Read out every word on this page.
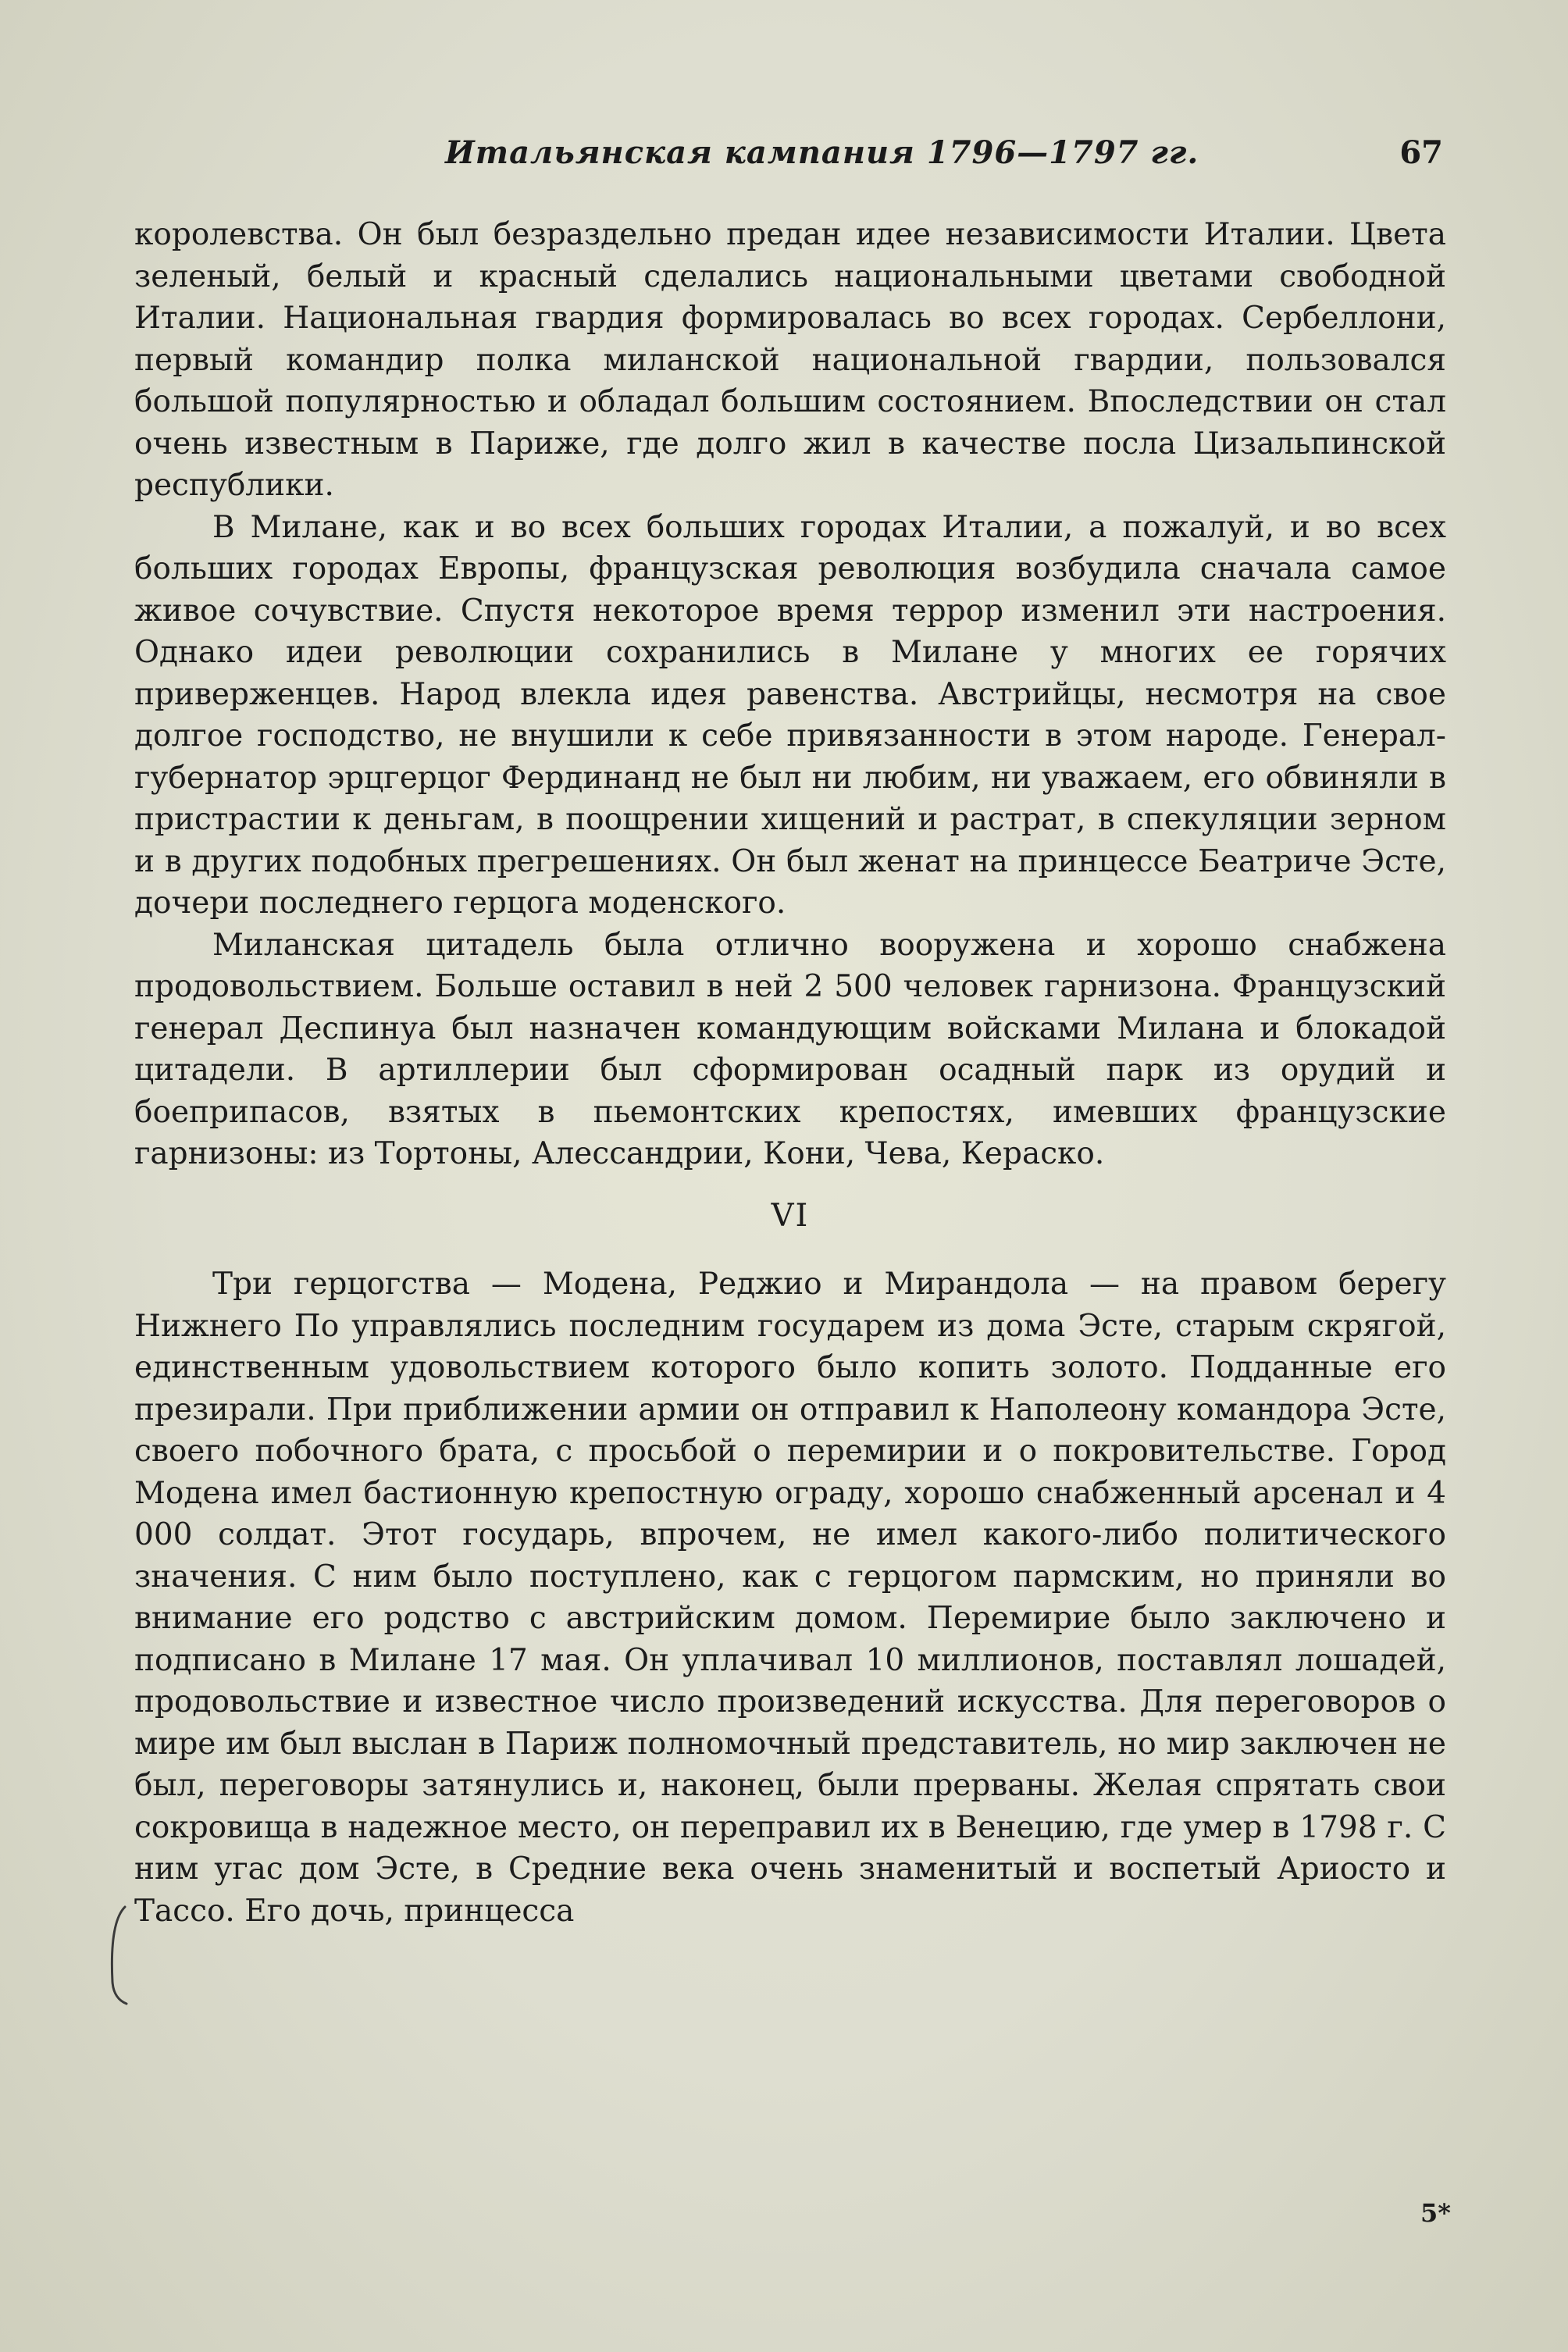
Итальянская кампания 1796—1797 гг.	67

королевства. Он был безраздельно предан идее независимости Италии. Цвета зеленый, белый и красный сделались национальными цветами свободной Италии. Национальная гвардия формировалась во всех городах. Сербеллони, первый командир полка миланской национальной гвардии, пользовался большой популярностью и обладал большим состоянием. Впоследствии он стал очень известным в Париже, где долго жил в качестве посла Цизальпинской республики.

В Милане, как и во всех больших городах Италии, а пожалуй, и во всех больших городах Европы, французская революция возбудила сначала самое живое сочувствие. Спустя некоторое время террор изменил эти настроения. Однако идеи революции сохранились в Милане у многих ее горячих приверженцев. Народ влекла идея равенства. Австрийцы, несмотря на свое долгое господство, не внушили к себе привязанности в этом народе. Генерал-губернатор эрцгерцог Фердинанд не был ни любим, ни уважаем, его обвиняли в пристрастии к деньгам, в поощрении хищений и растрат, в спекуляции зерном и в других подобных прегрешениях. Он был женат на принцессе Беатриче Эсте, дочери последнего герцога моденского.

Миланская цитадель была отлично вооружена и хорошо снабжена продовольствием. Больше оставил в ней 2 500 человек гарнизона. Французский генерал Деспинуа был назначен командующим войсками Милана и блокадой цитадели. В артиллерии был сформирован осадный парк из орудий и боеприпасов, взятых в пьемонтских крепостях, имевших французские гарнизоны: из Тортоны, Алессандрии, Кони, Чева, Кераско.

VI

Три герцогства — Модена, Реджио и Мирандола — на правом берегу Нижнего По управлялись последним государем из дома Эсте, старым скрягой, единственным удовольствием которого было копить золото. Подданные его презирали. При приближении армии он отправил к Наполеону командора Эсте, своего побочного брата, с просьбой о перемирии и о покровительстве. Город Модена имел бастионную крепостную ограду, хорошо снабженный арсенал и 4 000 солдат. Этот государь, впрочем, не имел какого-либо политического значения. С ним было поступлено, как с герцогом пармским, но приняли во внимание его родство с австрийским домом. Перемирие было заключено и подписано в Милане 17 мая. Он уплачивал 10 миллионов, поставлял лошадей, продовольствие и известное число произведений искусства. Для переговоров о мире им был выслан в Париж полномочный представитель, но мир заключен не был, переговоры затянулись и, наконец, были прерваны. Желая спрятать свои сокровища в надежное место, он переправил их в Венецию, где умер в 1798 г. С ним угас дом Эсте, в Средние века очень знаменитый и воспетый Ариосто и Тассо. Его дочь, принцесса

5*
